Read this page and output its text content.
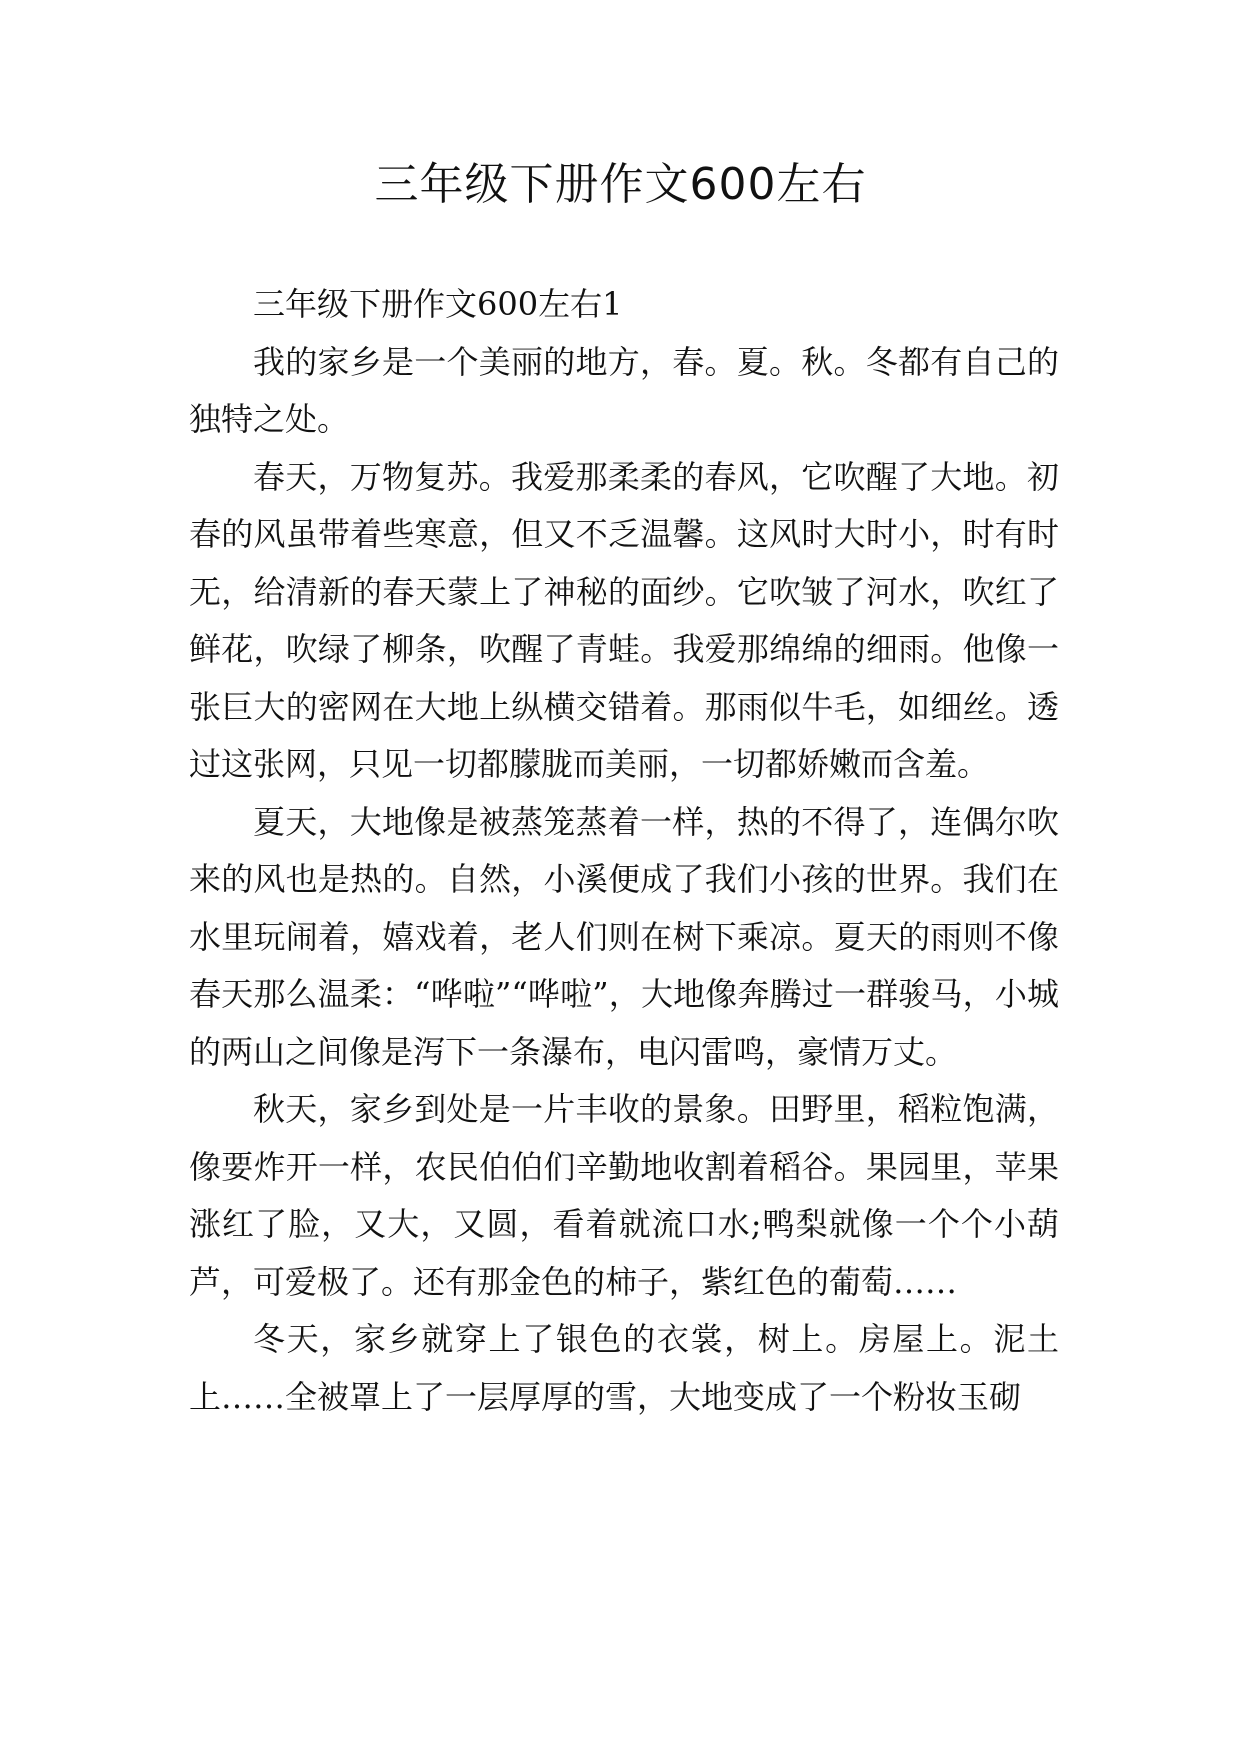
三年级下册作文600左右

三年级下册作文600左右1

我的家乡是一个美丽的地方，春。夏。秋。冬都有自己的独特之处。

春天，万物复苏。我爱那柔柔的春风，它吹醒了大地。初春的风虽带着些寒意，但又不乏温馨。这风时大时小，时有时无，给清新的春天蒙上了神秘的面纱。它吹皱了河水，吹红了鲜花，吹绿了柳条，吹醒了青蛙。我爱那绵绵的细雨。他像一张巨大的密网在大地上纵横交错着。那雨似牛毛，如细丝。透过这张网，只见一切都朦胧而美丽，一切都娇嫩而含羞。

夏天，大地像是被蒸笼蒸着一样，热的不得了，连偶尔吹来的风也是热的。自然，小溪便成了我们小孩的世界。我们在水里玩闹着，嬉戏着，老人们则在树下乘凉。夏天的雨则不像春天那么温柔：“哗啦”“哗啦”，大地像奔腾过一群骏马，小城的两山之间像是泻下一条瀑布，电闪雷鸣，豪情万丈。

秋天，家乡到处是一片丰收的景象。田野里，稻粒饱满，像要炸开一样，农民伯伯们辛勤地收割着稻谷。果园里，苹果涨红了脸，又大，又圆，看着就流口水;鸭梨就像一个个小葫芦，可爱极了。还有那金色的柿子，紫红色的葡萄……

冬天，家乡就穿上了银色的衣裳，树上。房屋上。泥土上……全被罩上了一层厚厚的雪，大地变成了一个粉妆玉砌
